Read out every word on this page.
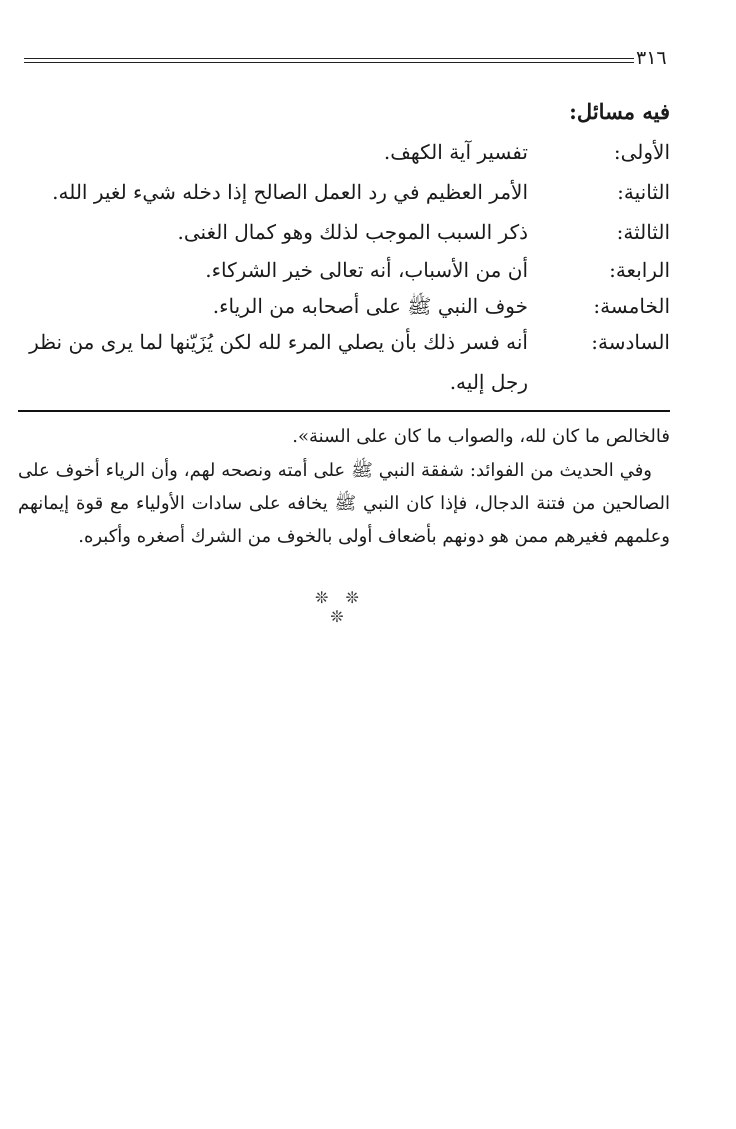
٣١٦
فيه مسائل:
الأولى:
تفسير آية الكهف.
الثانية:
الأمر العظيم في رد العمل الصالح إذا دخله شيء لغير الله.
الثالثة:
ذكر السبب الموجب لذلك وهو كمال الغنى.
الرابعة:
أن من الأسباب، أنه تعالى خير الشركاء.
الخامسة:
خوف النبي ﷺ على أصحابه من الرياء.
السادسة:
أنه فسر ذلك بأن يصلي المرء لله لكن يُزَيّنها لما يرى من نظر رجل إليه.
فالخالص ما كان لله، والصواب ما كان على السنة».
وفي الحديث من الفوائد: شفقة النبي ﷺ على أمته ونصحه لهم، وأن الرياء أخوف على الصالحين من فتنة الدجال، فإذا كان النبي ﷺ يخافه على سادات الأولياء مع قوة إيمانهم وعلمهم فغيرهم ممن هو دونهم بأضعاف أولى بالخوف من الشرك أصغره وأكبره.
❊ ❊ ❊
